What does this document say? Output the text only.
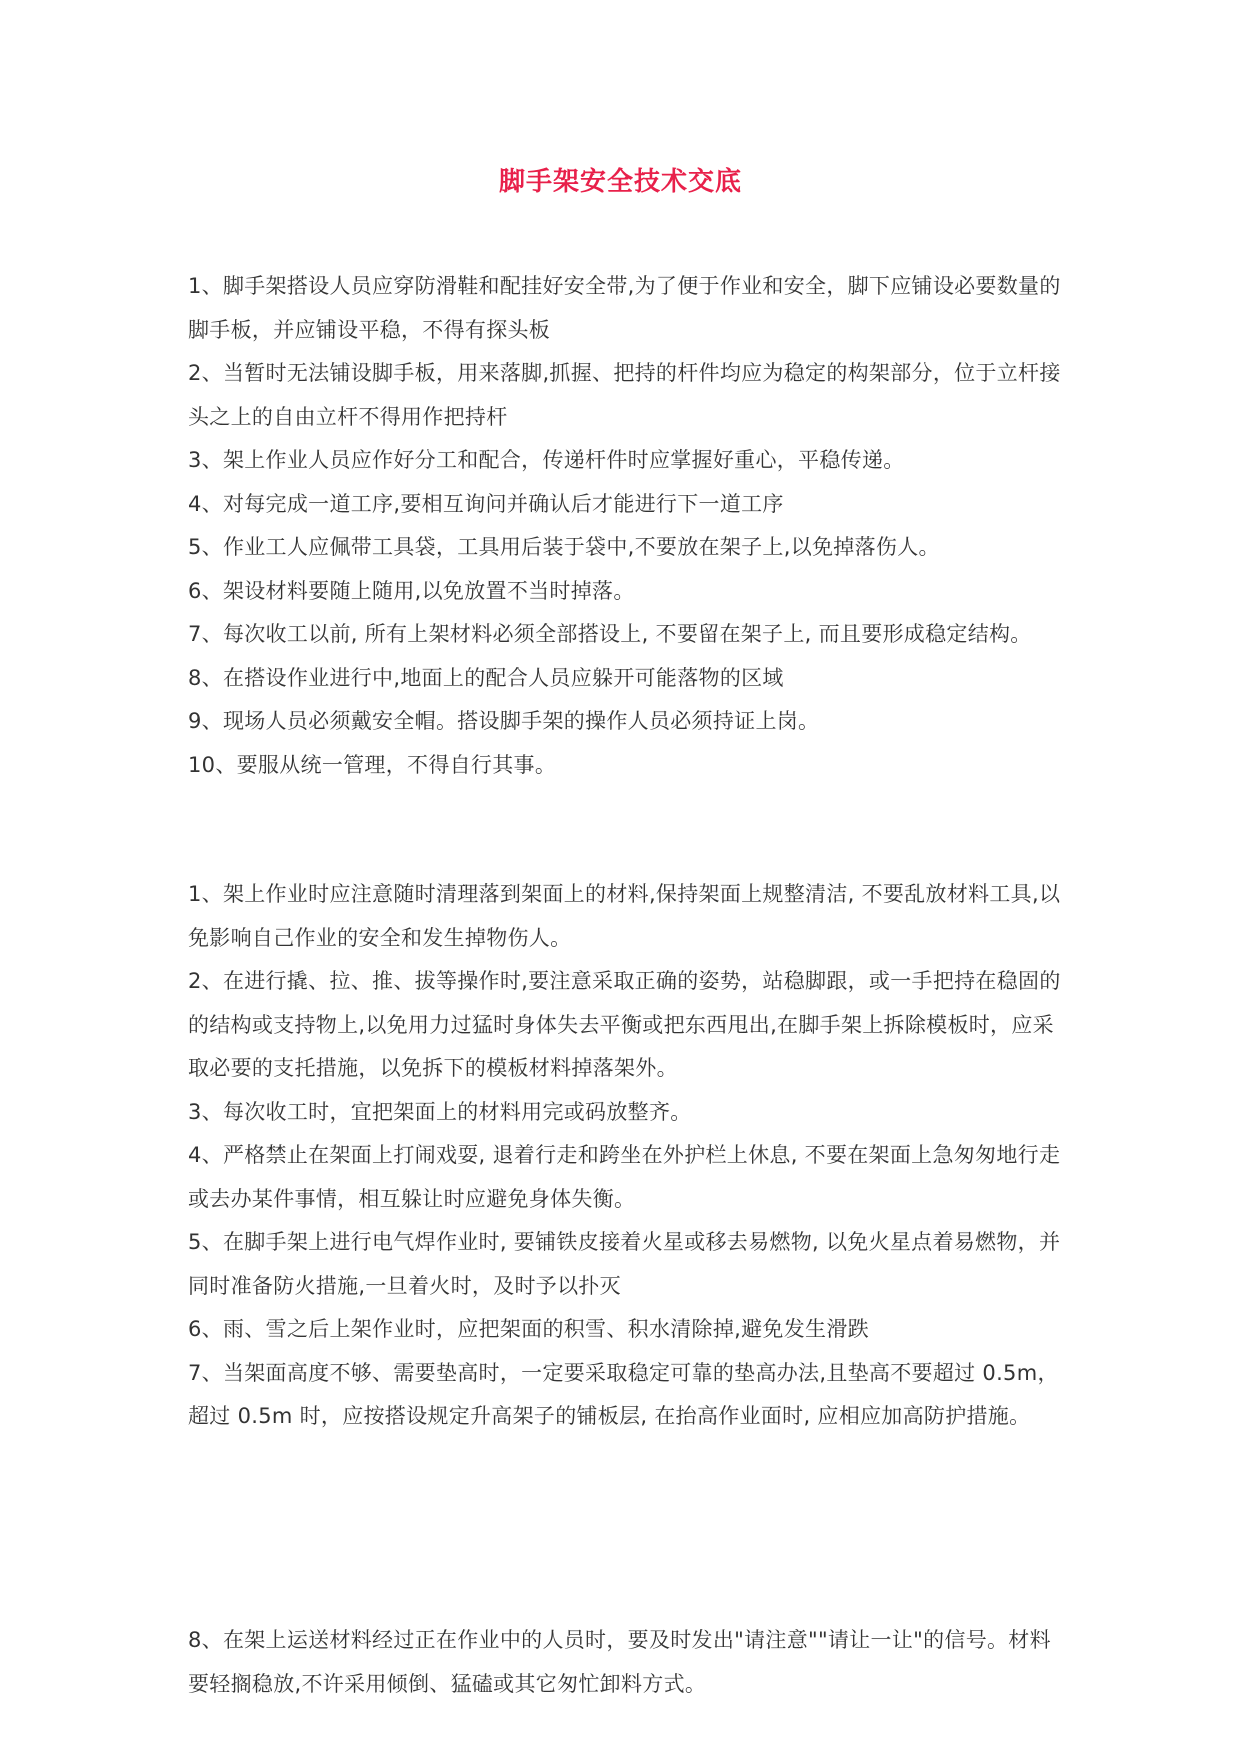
脚手架安全技术交底

1、脚手架搭设人员应穿防滑鞋和配挂好安全带,为了便于作业和安全，脚下应铺设必要数量的脚手板，并应铺设平稳，不得有探头板

2、当暂时无法铺设脚手板，用来落脚,抓握、把持的杆件均应为稳定的构架部分，位于立杆接头之上的自由立杆不得用作把持杆

3、架上作业人员应作好分工和配合，传递杆件时应掌握好重心，平稳传递。

4、对每完成一道工序,要相互询问并确认后才能进行下一道工序

5、作业工人应佩带工具袋，工具用后装于袋中,不要放在架子上,以免掉落伤人。

6、架设材料要随上随用,以免放置不当时掉落。

7、每次收工以前, 所有上架材料必须全部搭设上, 不要留在架子上, 而且要形成稳定结构。

8、在搭设作业进行中,地面上的配合人员应躲开可能落物的区域

9、现场人员必须戴安全帽。搭设脚手架的操作人员必须持证上岗。

10、要服从统一管理，不得自行其事。

1、架上作业时应注意随时清理落到架面上的材料,保持架面上规整清洁, 不要乱放材料工具,以免影响自己作业的安全和发生掉物伤人。

2、在进行撬、拉、推、拔等操作时,要注意采取正确的姿势，站稳脚跟，或一手把持在稳固的的结构或支持物上,以免用力过猛时身体失去平衡或把东西甩出,在脚手架上拆除模板时，应采取必要的支托措施，以免拆下的模板材料掉落架外。

3、每次收工时，宜把架面上的材料用完或码放整齐。

4、严格禁止在架面上打闹戏耍, 退着行走和跨坐在外护栏上休息, 不要在架面上急匆匆地行走或去办某件事情，相互躲让时应避免身体失衡。

5、在脚手架上进行电气焊作业时, 要铺铁皮接着火星或移去易燃物, 以免火星点着易燃物，并同时准备防火措施,一旦着火时，及时予以扑灭

6、雨、雪之后上架作业时，应把架面的积雪、积水清除掉,避免发生滑跌

7、当架面高度不够、需要垫高时，一定要采取稳定可靠的垫高办法,且垫高不要超过 0.5m，超过 0.5m 时，应按搭设规定升高架子的铺板层, 在抬高作业面时, 应相应加高防护措施。

8、在架上运送材料经过正在作业中的人员时，要及时发出"请注意""请让一让"的信号。材料要轻搁稳放,不许采用倾倒、猛磕或其它匆忙卸料方式。
